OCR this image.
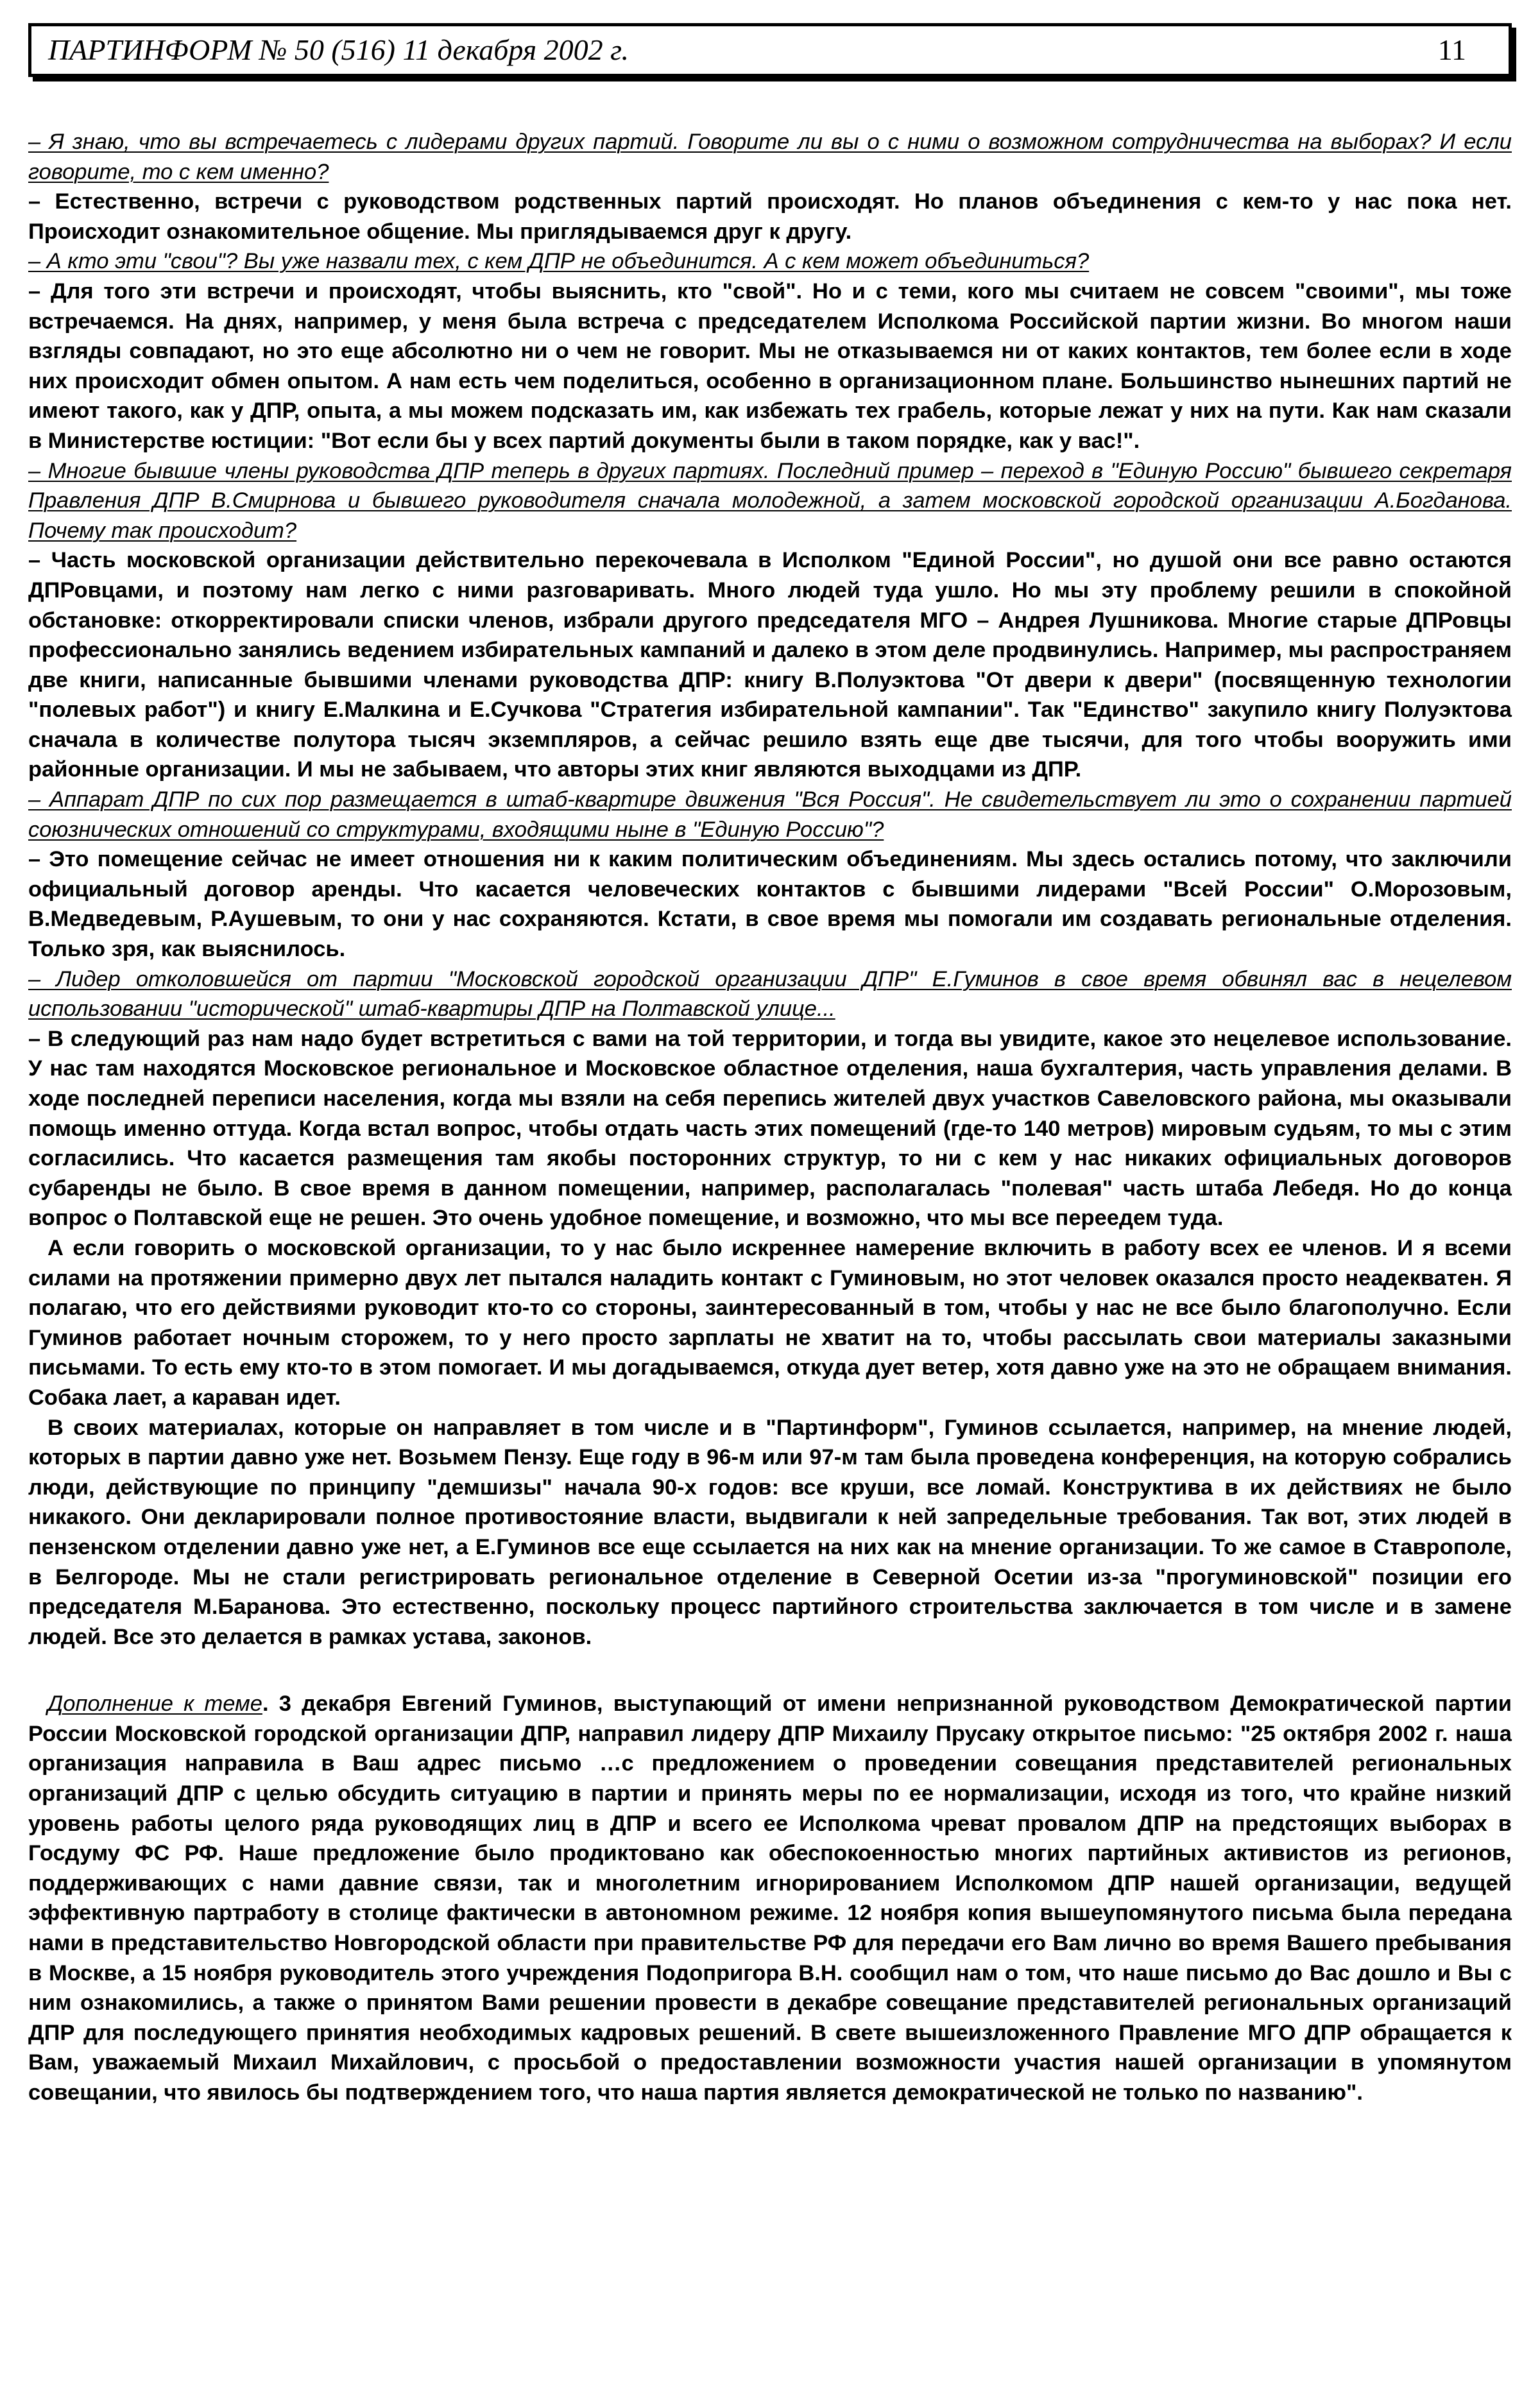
ПАРТИНФОРМ № 50 (516) 11 декабря 2002 г.	11

– Я знаю, что вы встречаетесь с лидерами других партий. Говорите ли вы о с ними о возможном сотрудничества на выборах? И если говорите, то с кем именно?

– Естественно, встречи с руководством родственных партий происходят. Но планов объединения с кем-то у нас пока нет. Происходит ознакомительное общение. Мы приглядываемся друг к другу.

– А кто эти "свои"? Вы уже назвали тех, с кем ДПР не объединится. А с кем может объединиться?

– Для того эти встречи и происходят, чтобы выяснить, кто "свой". Но и с теми, кого мы считаем не совсем "своими", мы тоже встречаемся. На днях, например, у меня была встреча с председателем Исполкома Российской партии жизни. Во многом наши взгляды совпадают, но это еще абсолютно ни о чем не говорит. Мы не отказываемся ни от каких контактов, тем более если в ходе них происходит обмен опытом. А нам есть чем поделиться, особенно в организационном плане. Большинство нынешних партий не имеют такого, как у ДПР, опыта, а мы можем подсказать им, как избежать тех грабель, которые лежат у них на пути. Как нам сказали в Министерстве юстиции: "Вот если бы у всех партий документы были в таком порядке, как у вас!".

– Многие бывшие члены руководства ДПР теперь в других партиях. Последний пример – переход в "Единую Россию" бывшего секретаря Правления ДПР В.Смирнова и бывшего руководителя сначала молодежной, а затем московской городской организации А.Богданова. Почему так происходит?

– Часть московской организации действительно перекочевала в Исполком "Единой России", но душой они все равно остаются ДПРовцами, и поэтому нам легко с ними разговаривать. Много людей туда ушло. Но мы эту проблему решили в спокойной обстановке: откорректировали списки членов, избрали другого председателя МГО – Андрея Лушникова. Многие старые ДПРовцы профессионально занялись ведением избирательных кампаний и далеко в этом деле продвинулись. Например, мы распространяем две книги, написанные бывшими членами руководства ДПР: книгу В.Полуэктова "От двери к двери" (посвященную технологии "полевых работ") и книгу Е.Малкина и Е.Сучкова "Стратегия избирательной кампании". Так "Единство" закупило книгу Полуэктова сначала в количестве полутора тысяч экземпляров, а сейчас решило взять еще две тысячи, для того чтобы вооружить ими районные организации. И мы не забываем, что авторы этих книг являются выходцами из ДПР.

– Аппарат ДПР по сих пор размещается в штаб-квартире движения "Вся Россия". Не свидетельствует ли это о сохранении партией союзнических отношений со структурами, входящими ныне в "Единую Россию"?

– Это помещение сейчас не имеет отношения ни к каким политическим объединениям. Мы здесь остались потому, что заключили официальный договор аренды. Что касается человеческих контактов с бывшими лидерами "Всей России" О.Морозовым, В.Медведевым, Р.Аушевым, то они у нас сохраняются. Кстати, в свое время мы помогали им создавать региональные отделения. Только зря, как выяснилось.

– Лидер отколовшейся от партии "Московской городской организации ДПР" Е.Гуминов в свое время обвинял вас в нецелевом использовании "исторической" штаб-квартиры ДПР на Полтавской улице...

– В следующий раз нам надо будет встретиться с вами на той территории, и тогда вы увидите, какое это нецелевое использование. У нас там находятся Московское региональное и Московское областное отделения, наша бухгалтерия, часть управления делами. В ходе последней переписи населения, когда мы взяли на себя перепись жителей двух участков Савеловского района, мы оказывали помощь именно оттуда. Когда встал вопрос, чтобы отдать часть этих помещений (где-то 140 метров) мировым судьям, то мы с этим согласились. Что касается размещения там якобы посторонних структур, то ни с кем у нас никаких официальных договоров субаренды не было. В свое время в данном помещении, например, располагалась "полевая" часть штаба Лебедя. Но до конца вопрос о Полтавской еще не решен. Это очень удобное помещение, и возможно, что мы все переедем туда.

А если говорить о московской организации, то у нас было искреннее намерение включить в работу всех ее членов. И я всеми силами на протяжении примерно двух лет пытался наладить контакт с Гуминовым, но этот человек оказался просто неадекватен. Я полагаю, что его действиями руководит кто-то со стороны, заинтересованный в том, чтобы у нас не все было благополучно. Если Гуминов работает ночным сторожем, то у него просто зарплаты не хватит на то, чтобы рассылать свои материалы заказными письмами. То есть ему кто-то в этом помогает. И мы догадываемся, откуда дует ветер, хотя давно уже на это не обращаем внимания. Собака лает, а караван идет.

В своих материалах, которые он направляет в том числе и в "Партинформ", Гуминов ссылается, например, на мнение людей, которых в партии давно уже нет. Возьмем Пензу. Еще году в 96-м или 97-м там была проведена конференция, на которую собрались люди, действующие по принципу "демшизы" начала 90-х годов: все круши, все ломай. Конструктива в их действиях не было никакого. Они декларировали полное противостояние власти, выдвигали к ней запредельные требования. Так вот, этих людей в пензенском отделении давно уже нет, а Е.Гуминов все еще ссылается на них как на мнение организации. То же самое в Ставрополе, в Белгороде. Мы не стали регистрировать региональное отделение в Северной Осетии из-за "прогуминовской" позиции его председателя М.Баранова. Это естественно, поскольку процесс партийного строительства заключается в том числе и в замене людей. Все это делается в рамках устава, законов.

Дополнение к теме. 3 декабря Евгений Гуминов, выступающий от имени непризнанной руководством Демократической партии России Московской городской организации ДПР, направил лидеру ДПР Михаилу Прусаку открытое письмо: "25 октября 2002 г. наша организация направила в Ваш адрес письмо …с предложением о проведении совещания представителей региональных организаций ДПР с целью обсудить ситуацию в партии и принять меры по ее нормализации, исходя из того, что крайне низкий уровень работы целого ряда руководящих лиц в ДПР и всего ее Исполкома чреват провалом ДПР на предстоящих выборах в Госдуму ФС РФ. Наше предложение было продиктовано как обеспокоенностью многих партийных активистов из регионов, поддерживающих с нами давние связи, так и многолетним игнорированием Исполкомом ДПР нашей организации, ведущей эффективную партработу в столице фактически в автономном режиме. 12 ноября копия вышеупомянутого письма была передана нами в представительство Новгородской области при правительстве РФ для передачи его Вам лично во время Вашего пребывания в Москве, а 15 ноября руководитель этого учреждения Подопригора В.Н. сообщил нам о том, что наше письмо до Вас дошло и Вы с ним ознакомились, а также о принятом Вами решении провести в декабре совещание представителей региональных организаций ДПР для последующего принятия необходимых кадровых решений. В свете вышеизложенного Правление МГО ДПР обращается к Вам, уважаемый Михаил Михайлович, с просьбой о предоставлении возможности участия нашей организации в упомянутом совещании, что явилось бы подтверждением того, что наша партия является демократической не только по названию".
